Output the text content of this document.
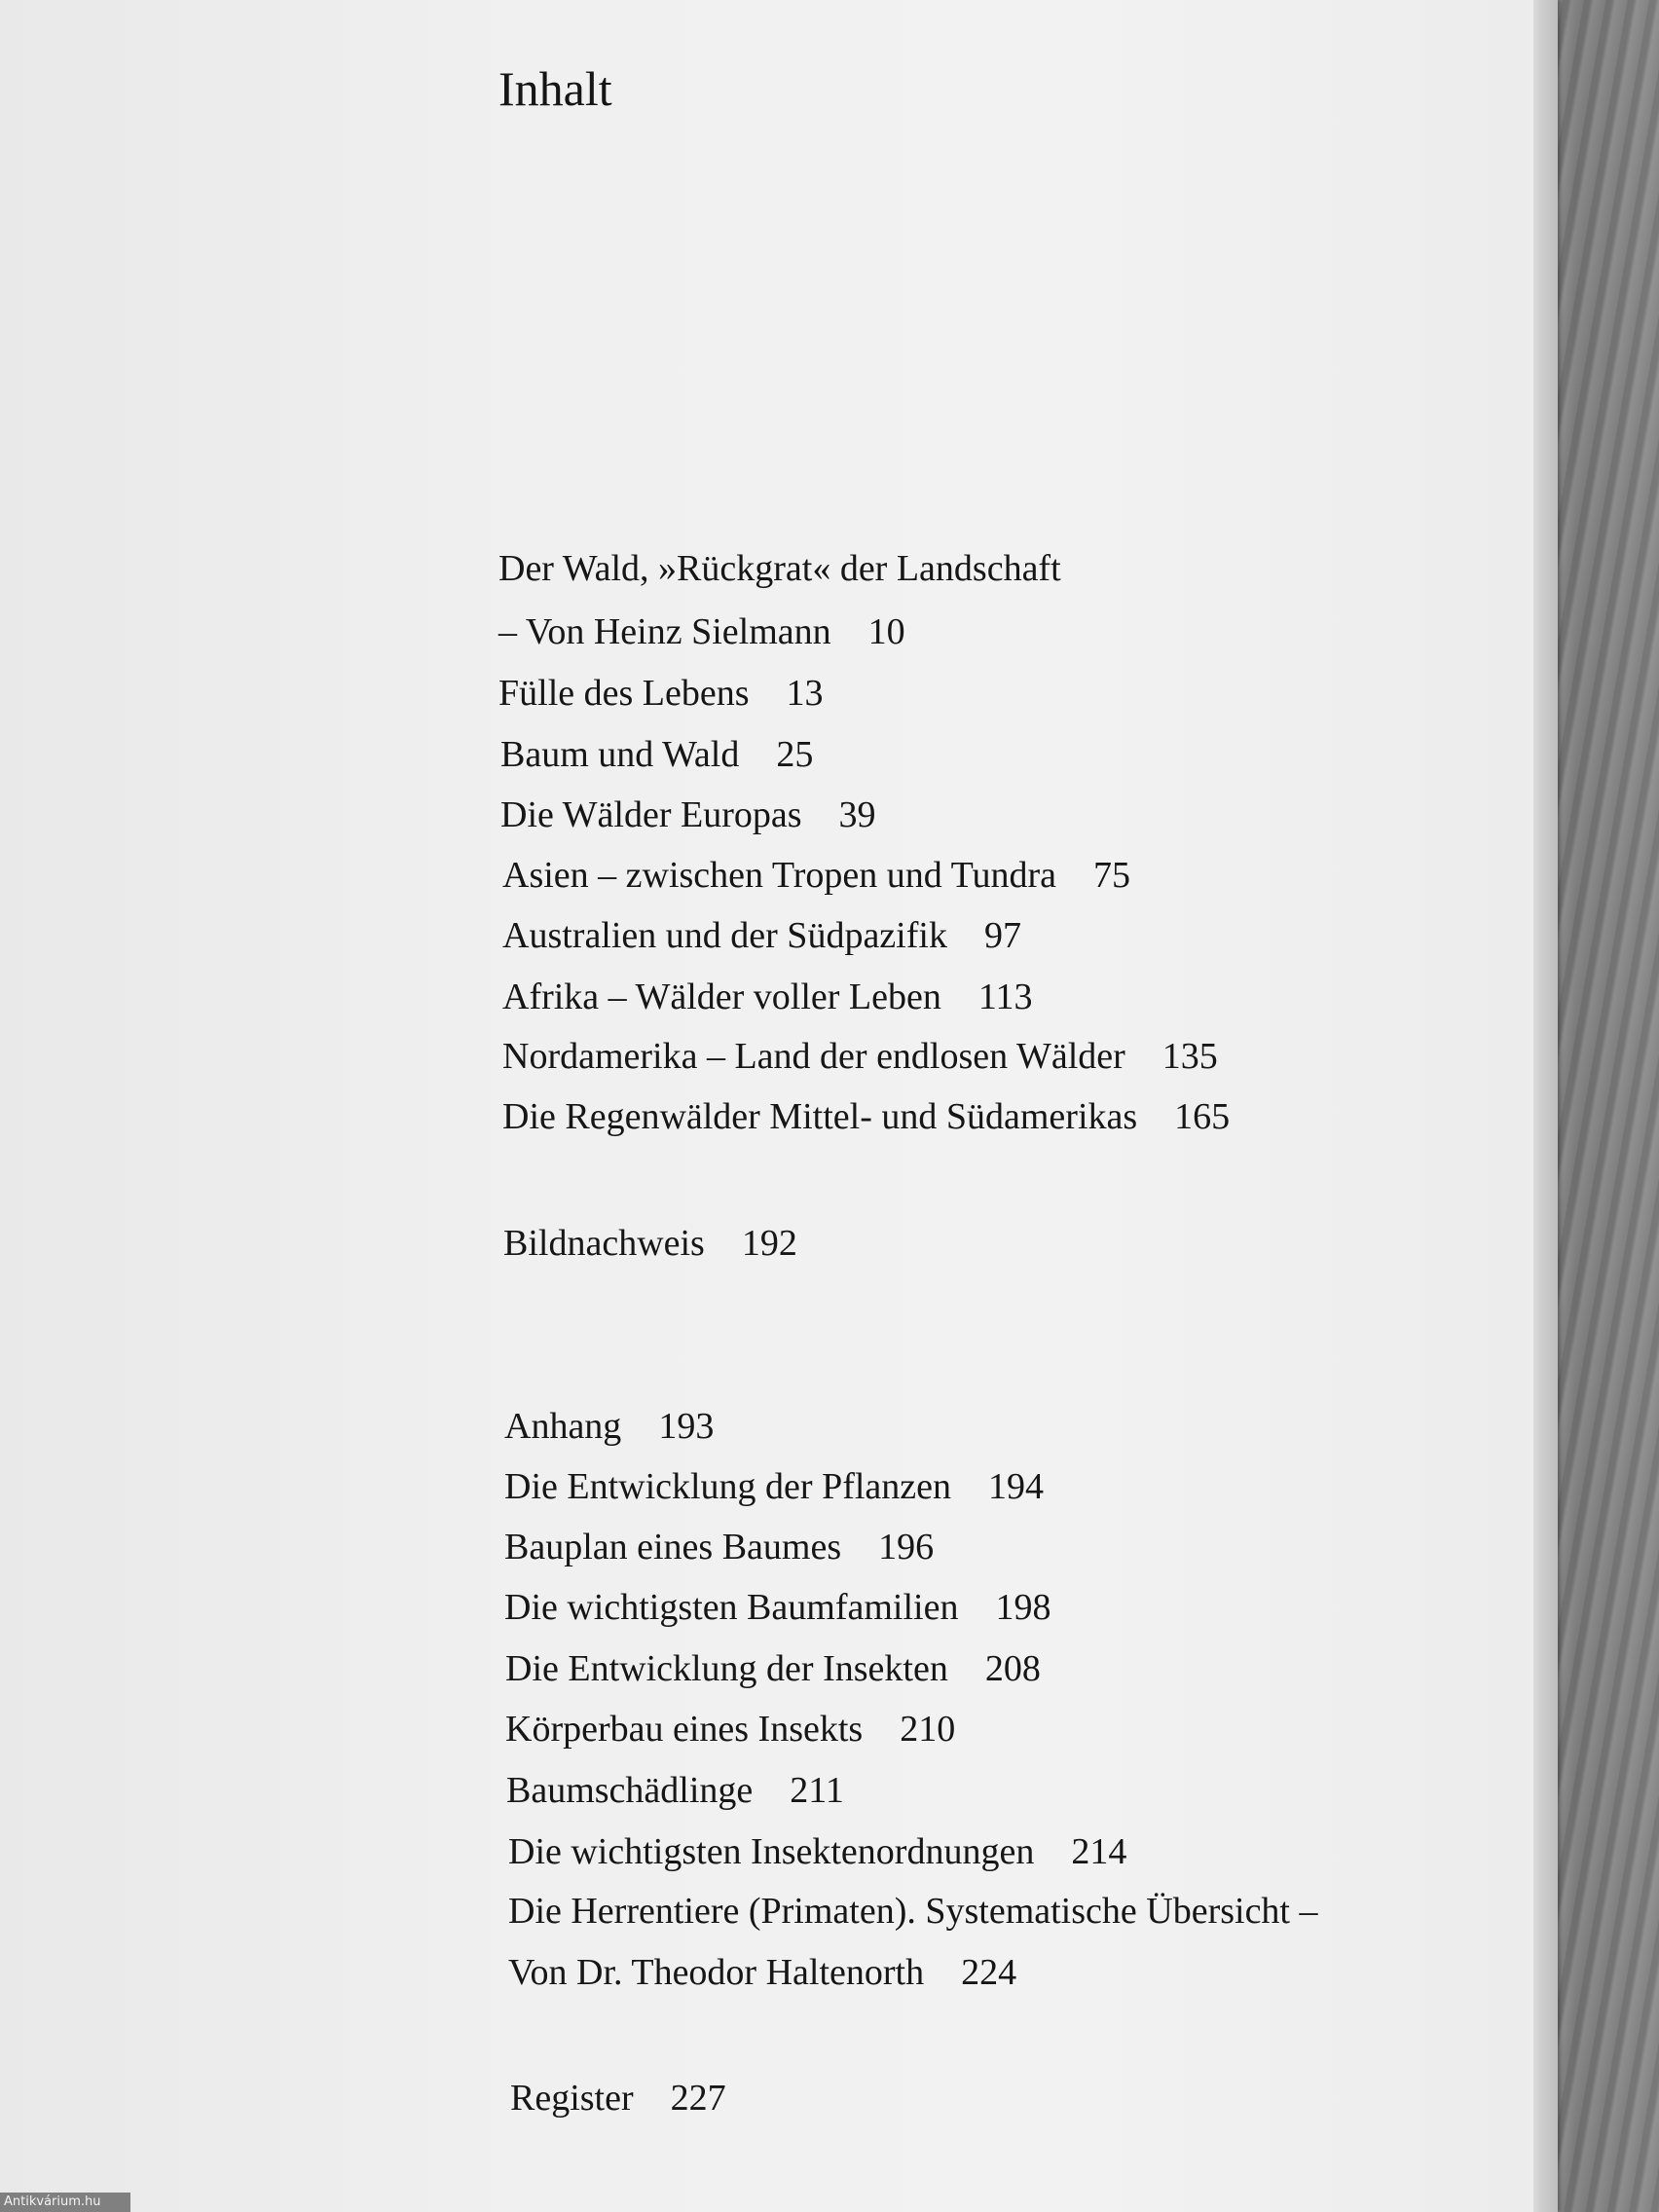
Inhalt
Der Wald, »Rückgrat« der Landschaft
– Von Heinz Sielmann 10
Fülle des Lebens 13
Baum und Wald 25
Die Wälder Europas 39
Asien – zwischen Tropen und Tundra 75
Australien und der Südpazifik 97
Afrika – Wälder voller Leben 113
Nordamerika – Land der endlosen Wälder 135
Die Regenwälder Mittel- und Südamerikas 165
Bildnachweis 192
Anhang 193
Die Entwicklung der Pflanzen 194
Bauplan eines Baumes 196
Die wichtigsten Baumfamilien 198
Die Entwicklung der Insekten 208
Körperbau eines Insekts 210
Baumschädlinge 211
Die wichtigsten Insektenordnungen 214
Die Herrentiere (Primaten). Systematische Übersicht –
Von Dr. Theodor Haltenorth 224
Register 227
Antikvárium.hu
